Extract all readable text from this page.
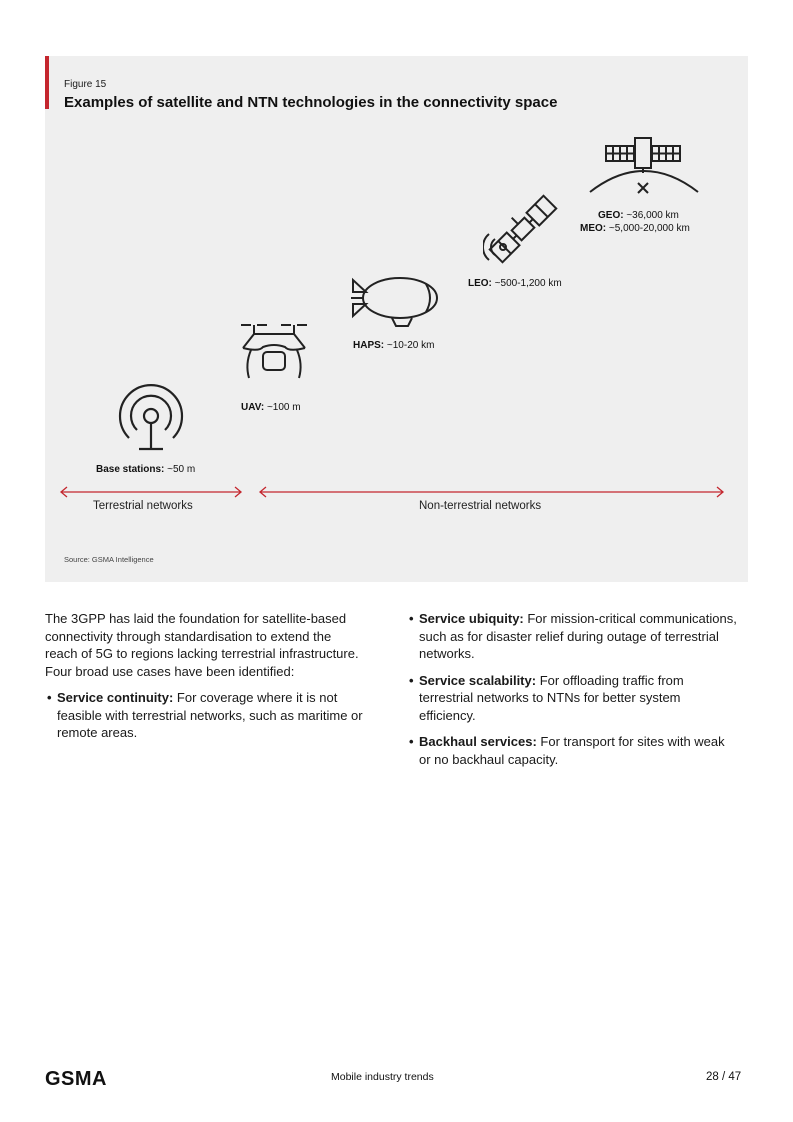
Figure 15
Examples of satellite and NTN technologies in the connectivity space
GEO: ~36,000 km
MEO: ~5,000-20,000 km
LEO: ~500-1,200 km
HAPS: ~10-20 km
UAV: ~100 m
Base stations: ~50 m
Terrestrial networks	Non-terrestrial networks
Source: GSMA Intelligence

The 3GPP has laid the foundation for satellite-based connectivity through standardisation to extend the reach of 5G to regions lacking terrestrial infrastructure. Four broad use cases have been identified:

• Service continuity: For coverage where it is not feasible with terrestrial networks, such as maritime or remote areas.
• Service ubiquity: For mission-critical communications, such as for disaster relief during outage of terrestrial networks.
• Service scalability: For offloading traffic from terrestrial networks to NTNs for better system efficiency.
• Backhaul services: For transport for sites with weak or no backhaul capacity.
GSMA	Mobile industry trends	28 / 47
